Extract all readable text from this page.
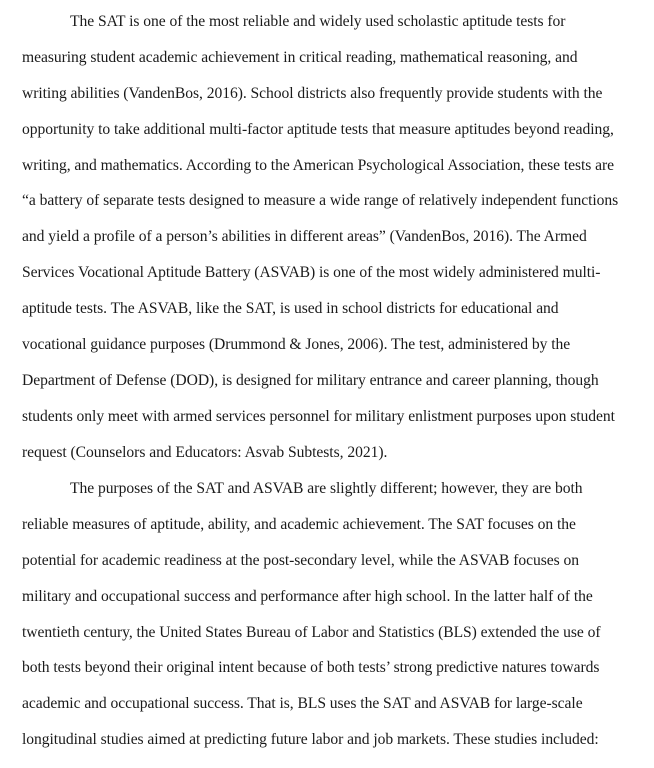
The SAT is one of the most reliable and widely used scholastic aptitude tests for
measuring student academic achievement in critical reading, mathematical reasoning, and
writing abilities (VandenBos, 2016). School districts also frequently provide students with the
opportunity to take additional multi-factor aptitude tests that measure aptitudes beyond reading,
writing, and mathematics. According to the American Psychological Association, these tests are
“a battery of separate tests designed to measure a wide range of relatively independent functions
and yield a profile of a person’s abilities in different areas” (VandenBos, 2016). The Armed
Services Vocational Aptitude Battery (ASVAB) is one of the most widely administered multi-
aptitude tests. The ASVAB, like the SAT, is used in school districts for educational and
vocational guidance purposes (Drummond & Jones, 2006). The test, administered by the
Department of Defense (DOD), is designed for military entrance and career planning, though
students only meet with armed services personnel for military enlistment purposes upon student
request (Counselors and Educators: Asvab Subtests, 2021).
The purposes of the SAT and ASVAB are slightly different; however, they are both
reliable measures of aptitude, ability, and academic achievement. The SAT focuses on the
potential for academic readiness at the post-secondary level, while the ASVAB focuses on
military and occupational success and performance after high school. In the latter half of the
twentieth century, the United States Bureau of Labor and Statistics (BLS) extended the use of
both tests beyond their original intent because of both tests’ strong predictive natures towards
academic and occupational success. That is, BLS uses the SAT and ASVAB for large-scale
longitudinal studies aimed at predicting future labor and job markets. These studies included:
